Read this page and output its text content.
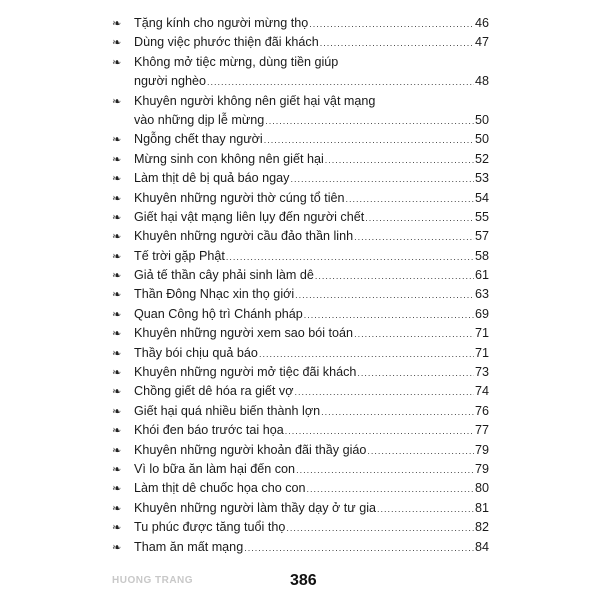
❧	Tặng kính cho người mừng thọ .....	46
❧	Dùng việc phước thiện đãi khách .....	47
❧	Không mở tiệc mừng, dùng tiền giúp
người nghèo .....	48
❧	Khuyên người không nên giết hại vật mạng
vào những dịp lễ mừng .....	50
❧	Ngỗng chết thay người .....	50
❧	Mừng sinh con không nên giết hại .....	52
❧	Làm thịt dê bị quả báo ngay .....	53
❧	Khuyên những người thờ cúng tổ tiên .....	54
❧	Giết hại vật mạng liên lụy đến người chết .....	55
❧	Khuyên những người cầu đảo thần linh .....	57
❧	Tế trời gặp Phật .....	58
❧	Giả tế thần cây phải sinh làm dê .....	61
❧	Thần Đông Nhạc xin thọ giới .....	63
❧	Quan Công hộ trì Chánh pháp .....	69
❧	Khuyên những người xem sao bói toán .....	71
❧	Thầy bói chịu quả báo .....	71
❧	Khuyên những người mở tiệc đãi khách .....	73
❧	Chồng giết dê hóa ra giết vợ .....	74
❧	Giết hại quá nhiều biến thành lợn .....	76
❧	Khói đen báo trước tai họa .....	77
❧	Khuyên những người khoản đãi thầy giáo .....	79
❧	Vì lo bữa ăn làm hại đến con .....	79
❧	Làm thịt dê chuốc họa cho con .....	80
❧	Khuyên những người làm thầy dạy ở tư gia .....	81
❧	Tu phúc được tăng tuổi thọ .....	82
❧	Tham ăn mất mạng .....	84
HUONG TRANG	386
